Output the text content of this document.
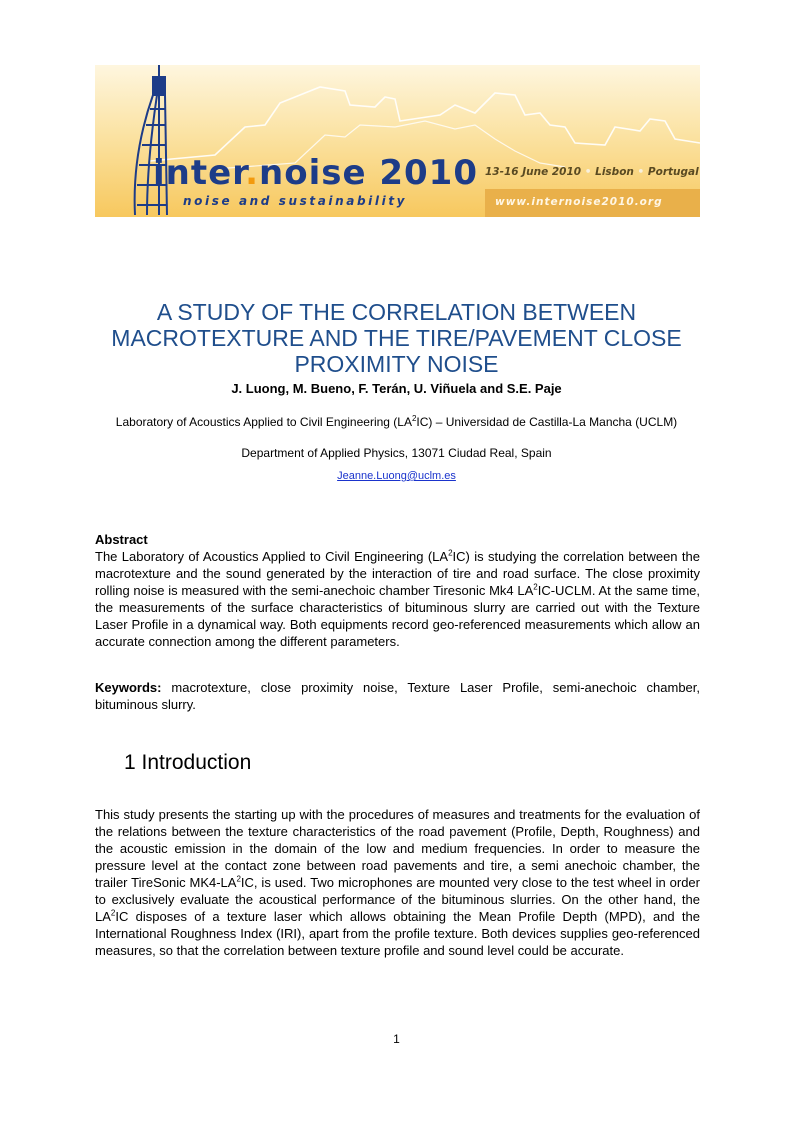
inter.noise 2010
noise and sustainability
13-16 June 2010 • Lisbon • Portugal
www.internoise2010.org
A STUDY OF THE CORRELATION BETWEEN MACROTEXTURE AND THE TIRE/PAVEMENT CLOSE PROXIMITY NOISE

J. Luong, M. Bueno, F. Terán, U. Viñuela and S.E. Paje

Laboratory of Acoustics Applied to Civil Engineering $(LA^2IC)$ – Universidad de Castilla-La Mancha (UCLM)

Department of Applied Physics, 13071 Ciudad Real, Spain

Jeanne.Luong@uclm.es

Abstract

The Laboratory of Acoustics Applied to Civil Engineering $(LA^2IC)$ is studying the correlation between the macrotexture and the sound generated by the interaction of tire and road surface. The close proximity rolling noise is measured with the semi-anechoic chamber Tiresonic Mk4 $LA^2IC$-UCLM. At the same time, the measurements of the surface characteristics of bituminous slurry are carried out with the Texture Laser Profile in a dynamical way. Both equipments record geo-referenced measurements which allow an accurate connection among the different parameters.

Keywords: macrotexture, close proximity noise, Texture Laser Profile, semi-anechoic chamber, bituminous slurry.

1 Introduction

This study presents the starting up with the procedures of measures and treatments for the evaluation of the relations between the texture characteristics of the road pavement (Profile, Depth, Roughness) and the acoustic emission in the domain of the low and medium frequencies. In order to measure the pressure level at the contact zone between road pavements and tire, a semi anechoic chamber, the trailer TireSonic $MK4-LA^2IC$, is used. Two microphones are mounted very close to the test wheel in order to exclusively evaluate the acoustical performance of the bituminous slurries. On the other hand, the $LA^2IC$ disposes of a texture laser which allows obtaining the Mean Profile Depth (MPD), and the International Roughness Index (IRI), apart from the profile texture. Both devices supplies geo-referenced measures, so that the correlation between texture profile and sound level could be accurate.

1
